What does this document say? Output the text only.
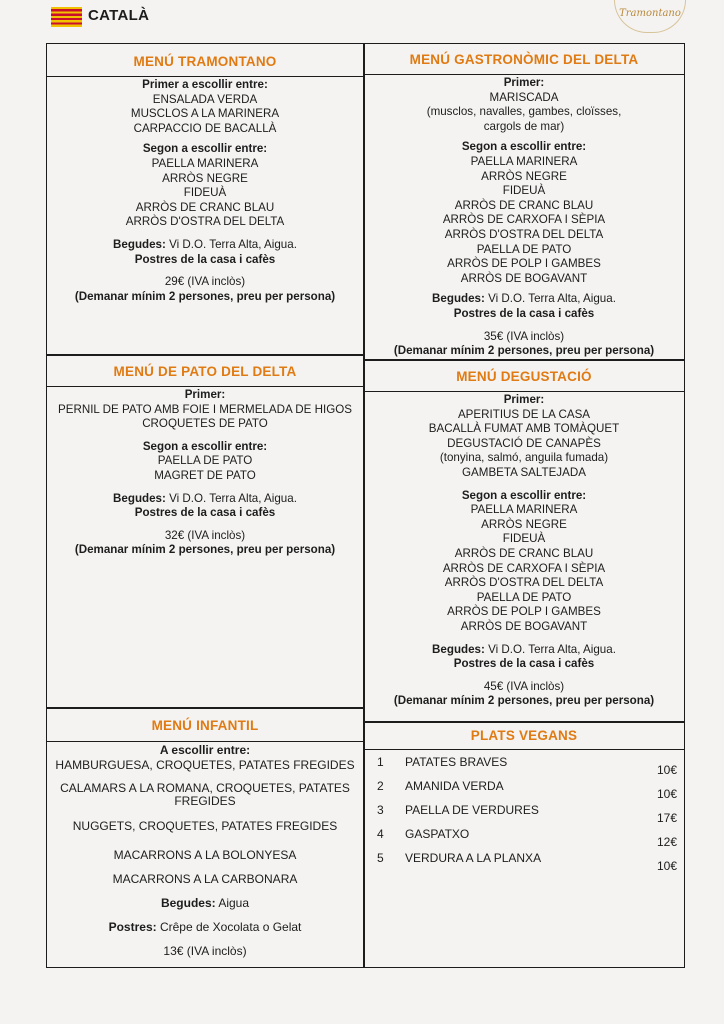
CATALÀ	Tramontano
MENÚ TRAMONTANO
Primer a escollir entre:
ENSALADA VERDA
MUSCLOS A LA MARINERA
CARPACCIO DE BACALLÀ
Segon a escollir entre:
PAELLA MARINERA
ARRÒS NEGRE
FIDEUÀ
ARRÒS DE CRANC BLAU
ARRÒS D'OSTRA DEL DELTA
Begudes: Vi D.O. Terra Alta, Aigua.
Postres de la casa i cafès
29€ (IVA inclòs)
(Demanar mínim 2 persones, preu per persona)
MENÚ GASTRONÒMIC DEL DELTA
Primer:
MARISCADA
(musclos, navalles, gambes, cloïsses,
cargols de mar)
Segon a escollir entre:
PAELLA MARINERA
ARRÒS NEGRE
FIDEUÀ
ARRÒS DE CRANC BLAU
ARRÒS DE CARXOFA I SÈPIA
ARRÒS D'OSTRA DEL DELTA
PAELLA DE PATO
ARRÒS DE POLP I GAMBES
ARRÒS DE BOGAVANT
Begudes: Vi D.O. Terra Alta, Aigua.
Postres de la casa i cafès
35€ (IVA inclòs)
(Demanar mínim 2 persones, preu per persona)
MENÚ DE PATO DEL DELTA
Primer:
PERNIL DE PATO AMB FOIE I MERMELADA DE HIGOS
CROQUETES DE PATO
Segon a escollir entre:
PAELLA DE PATO
MAGRET DE PATO
Begudes: Vi D.O. Terra Alta, Aigua.
Postres de la casa i cafès
32€ (IVA inclòs)
(Demanar mínim 2 persones, preu per persona)
MENÚ DEGUSTACIÓ
Primer:
APERITIUS DE LA CASA
BACALLÀ FUMAT AMB TOMÀQUET
DEGUSTACIÓ DE CANAPÈS
(tonyina, salmó, anguila fumada)
GAMBETA SALTEJADA
Segon a escollir entre:
PAELLA MARINERA
ARRÒS NEGRE
FIDEUÀ
ARRÒS DE CRANC BLAU
ARRÒS DE CARXOFA I SÈPIA
ARRÒS D'OSTRA DEL DELTA
PAELLA DE PATO
ARRÒS DE POLP I GAMBES
ARRÒS DE BOGAVANT
Begudes: Vi D.O. Terra Alta, Aigua.
Postres de la casa i cafès
45€ (IVA inclòs)
(Demanar mínim 2 persones, preu per persona)
MENÚ INFANTIL
A escollir entre:
HAMBURGUESA, CROQUETES, PATATES FREGIDES
CALAMARS A LA ROMANA, CROQUETES, PATATES
FREGIDES
NUGGETS, CROQUETES, PATATES FREGIDES
MACARRONS A LA BOLONYESA
MACARRONS A LA CARBONARA
Begudes: Aigua
Postres: Crêpe de Xocolata o Gelat
13€ (IVA inclòs)
PLATS VEGANS
1 PATATES BRAVES
10€
2 AMANIDA VERDA
10€
3 PAELLA DE VERDURES
17€
4 GASPATXO
12€
5 VERDURA A LA PLANXA
10€
